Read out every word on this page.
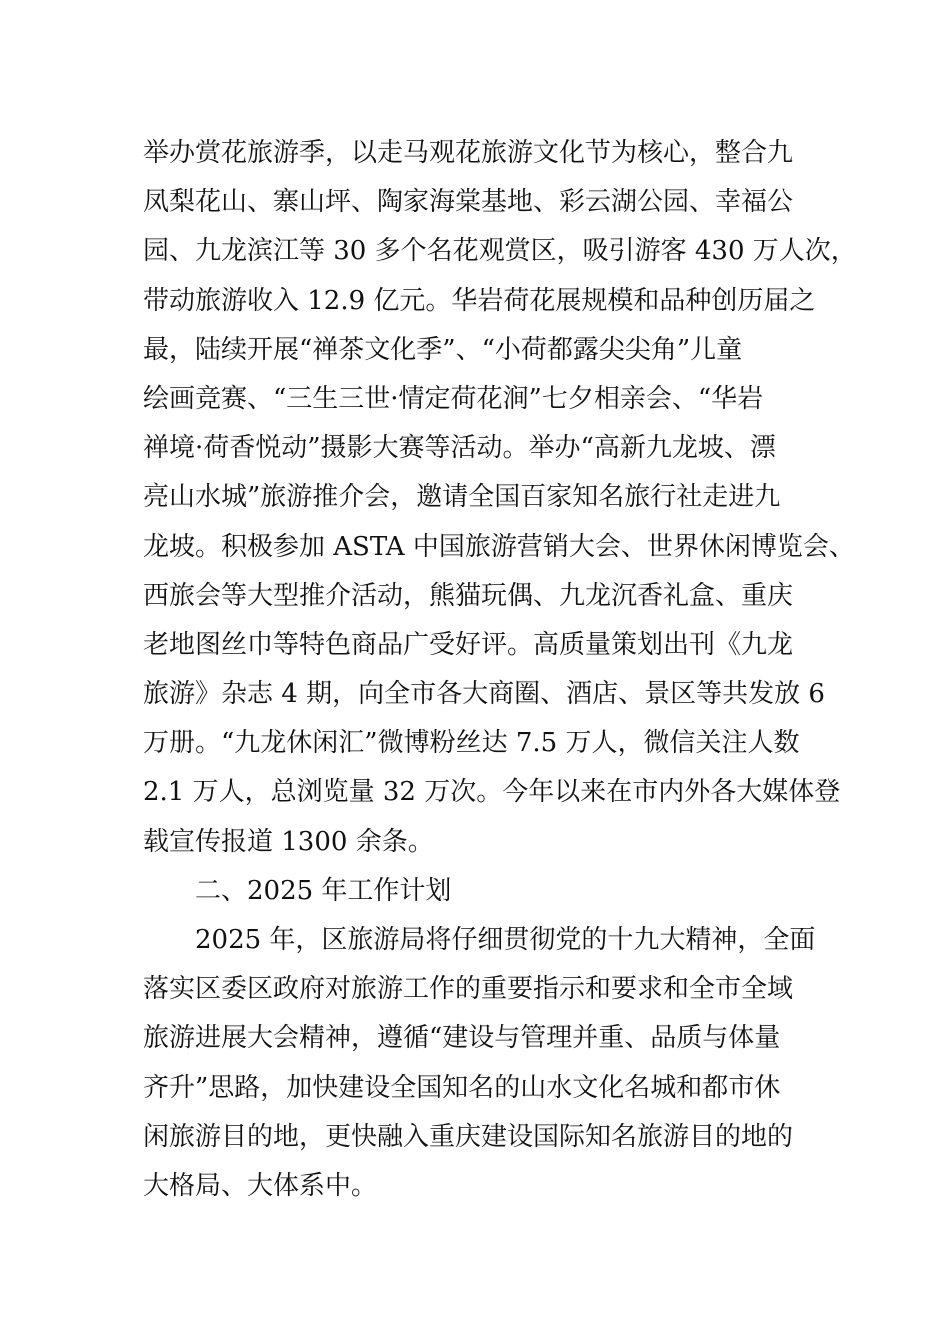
举办赏花旅游季，以走马观花旅游文化节为核心，整合九
凤梨花山、寨山坪、陶家海棠基地、彩云湖公园、幸福公
园、九龙滨江等 30 多个名花观赏区，吸引游客 430 万人次，
带动旅游收入 12.9 亿元。华岩荷花展规模和品种创历届之
最，陆续开展“禅茶文化季”、“小荷都露尖尖角”儿童
绘画竞赛、“三生三世·情定荷花涧”七夕相亲会、“华岩
禅境·荷香悦动”摄影大赛等活动。举办“高新九龙坡、漂
亮山水城”旅游推介会，邀请全国百家知名旅行社走进九
龙坡。积极参加 ASTA 中国旅游营销大会、世界休闲博览会、
西旅会等大型推介活动，熊猫玩偶、九龙沉香礼盒、重庆
老地图丝巾等特色商品广受好评。高质量策划出刊《九龙
旅游》杂志 4 期，向全市各大商圈、酒店、景区等共发放 6
万册。“九龙休闲汇”微博粉丝达 7.5 万人，微信关注人数
2.1 万人，总浏览量 32 万次。今年以来在市内外各大媒体登
载宣传报道 1300 余条。
二、2025 年工作计划
2025 年，区旅游局将仔细贯彻党的十九大精神，全面
落实区委区政府对旅游工作的重要指示和要求和全市全域
旅游进展大会精神，遵循“建设与管理并重、品质与体量
齐升”思路，加快建设全国知名的山水文化名城和都市休
闲旅游目的地，更快融入重庆建设国际知名旅游目的地的
大格局、大体系中。
